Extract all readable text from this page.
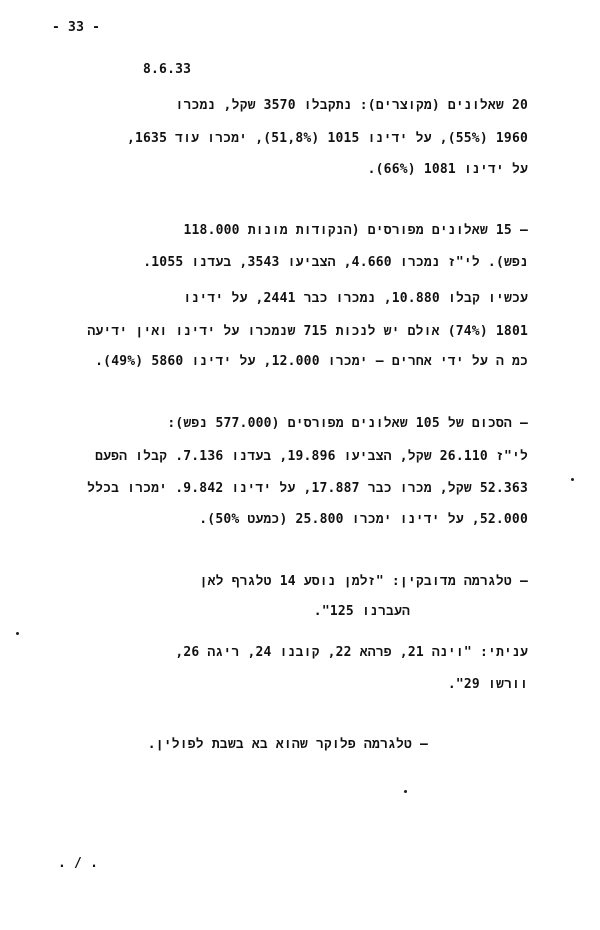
- 33 -

8.6.33

20 שאלונים (מקוצרים): נתקבלו 3570 שקל, נמכרו

1960 (55%), על ידינו 1015 (51,8%), ימכרו עוד 1635,

על ידינו 1081 (66%).

– 15 שאלונים מפורסים (הנקודות מונות 118.000

נפש). לי"ז נמכרו 4.660, הצביעו 3543, בעדנו 1055.

עכשיו קבלו 10.880, נמכרו כבר 2441, על ידינו

1801 (74%) אולם יש לנכות 715 שנמכרו על ידינו ואין ידיעה

כמ ה על ידי אחרים – ימכרו 12.000, על ידינו 5860 (49%).

– הסכום של 105 שאלונים מפורסים (577.000 נפש):

לי"ז 26.110 שקל, הצביעו 19.896, בעדנו 7.136. קבלו הפעם

52.363 שקל, מכרו כבר 17.887, על ידינו 9.842. ימכרו בכלל

52.000, על ידינו ימכרו 25.800 (כמעט 50%).

– טלגרמה מדובקין: "זלמן נוסע 14 טלגרף לאן

העברנו 125".

עניתי: "וינה 21, פרהא 22, קובנו 24, ריגה 26,

וורשו 29".

– טלגרמה פלוקר שהוא בא בשבת לפולין.

. / .
